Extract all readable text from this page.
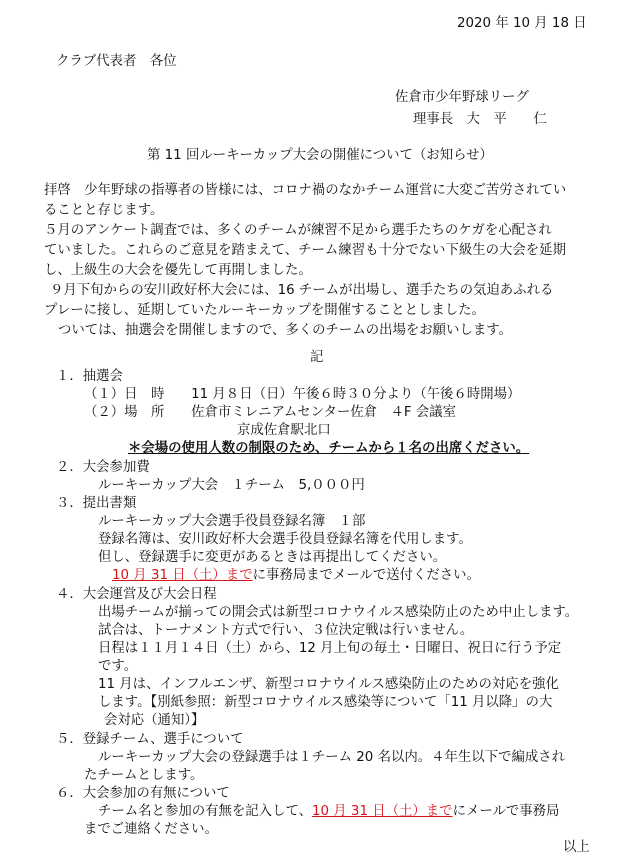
2020 年 10 月 18 日
クラブ代表者　各位
佐倉市少年野球リーグ
理事長　大　平　　仁
第 11 回ルーキーカップ大会の開催について（お知らせ）
拝啓　少年野球の指導者の皆様には、コロナ禍のなかチーム運営に大変ご苦労されてい
ることと存じます。
５月のアンケート調査では、多くのチームが練習不足から選手たちのケガを心配され
ていました。これらのご意見を踏まえて、チーム練習も十分でない下級生の大会を延期
し、上級生の大会を優先して再開しました。
９月下旬からの安川政好杯大会には、16 チームが出場し、選手たちの気迫あふれる
プレーに接し、延期していたルーキーカップを開催することとしました。
ついては、抽選会を開催しますので、多くのチームの出場をお願いします。
記
１．抽選会
（１）日　時　　11 月８日（日）午後６時３０分より（午後６時開場）
（２）場　所　　佐倉市ミレニアムセンター佐倉　４F 会議室
京成佐倉駅北口
＊会場の使用人数の制限のため、チームから１名の出席ください。
２．大会参加費
ルーキーカップ大会　１チーム　5,０００円
３．提出書類
ルーキーカップ大会選手役員登録名簿　１部
登録名簿は、安川政好杯大会選手役員登録名簿を代用します。
但し、登録選手に変更があるときは再提出してください。
10 月 31 日（土）までに事務局までメールで送付ください。
４．大会運営及び大会日程
出場チームが揃っての開会式は新型コロナウイルス感染防止のため中止します。
試合は、トーナメント方式で行い、３位決定戦は行いません。
日程は１１月１４日（土）から、12 月上旬の毎土・日曜日、祝日に行う予定
です。
11 月は、インフルエンザ、新型コロナウイルス感染防止のための対応を強化
します。【別紙参照：新型コロナウイルス感染等について「11 月以降」の大
会対応（通知）】
５．登録チーム、選手について
ルーキーカップ大会の登録選手は１チーム 20 名以内。４年生以下で編成され
たチームとします。
６．大会参加の有無について
チーム名と参加の有無を記入して、10 月 31 日（土）までにメールで事務局
以上
までご連絡ください。
